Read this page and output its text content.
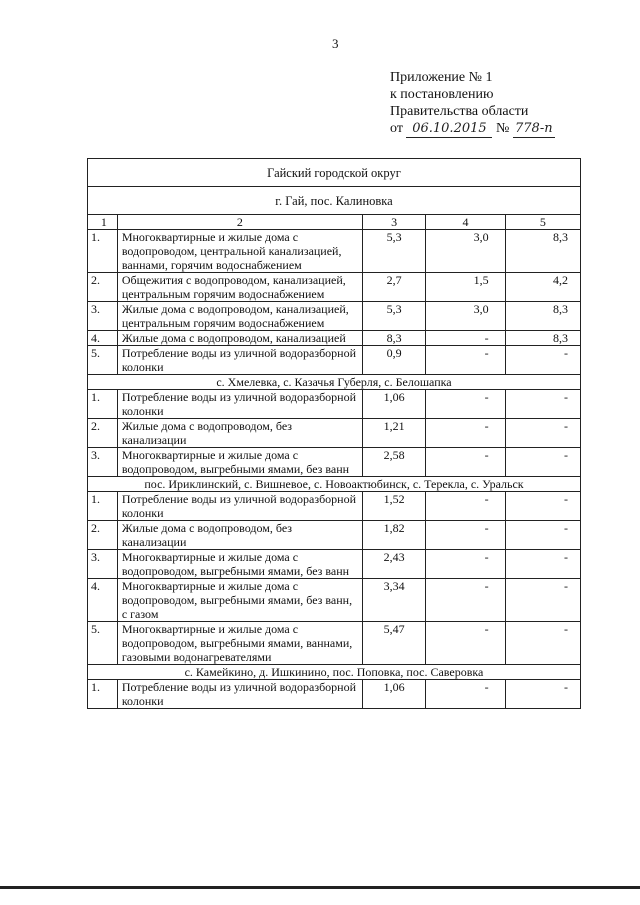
3
Приложение № 1
к постановлению
Правительства области
от 06.10.2015 № 778-п
Гайский городской округ				
г. Гай, пос. Калиновка				
1	2	3	4	5
1.	Многоквартирные и жилые дома с водопроводом, центральной канализацией, ваннами, горячим водоснабжением	5,3	3,0	8,3
2.	Общежития с водопроводом, канализацией, центральным горячим водоснабжением	2,7	1,5	4,2
3.	Жилые дома с водопроводом, канализацией, центральным горячим водоснабжением	5,3	3,0	8,3
4.	Жилые дома с водопроводом, канализацией	8,3	-	8,3
5.	Потребление воды из уличной водоразборной колонки	0,9	-	-
с. Хмелевка, с. Казачья Губерля, с. Белошапка				
1.	Потребление воды из уличной водоразборной колонки	1,06	-	-
2.	Жилые дома с водопроводом, без канализации	1,21	-	-
3.	Многоквартирные и жилые дома с водопроводом, выгребными ямами, без ванн	2,58	-	-
пос. Ириклинский, с. Вишневое, с. Новоактюбинск, с. Терекла, с. Уральск				
1.	Потребление воды из уличной водоразборной колонки	1,52	-	-
2.	Жилые дома с водопроводом, без канализации	1,82	-	-
3.	Многоквартирные и жилые дома с водопроводом, выгребными ямами, без ванн	2,43	-	-
4.	Многоквартирные и жилые дома с водопроводом, выгребными ямами, без ванн, с газом	3,34	-	-
5.	Многоквартирные и жилые дома с водопроводом, выгребными ямами, ваннами, газовыми водонагревателями	5,47	-	-
с. Камейкино, д. Ишкинино, пос. Поповка, пос. Саверовка				
1.	Потребление воды из уличной водоразборной колонки	1,06	-	-
